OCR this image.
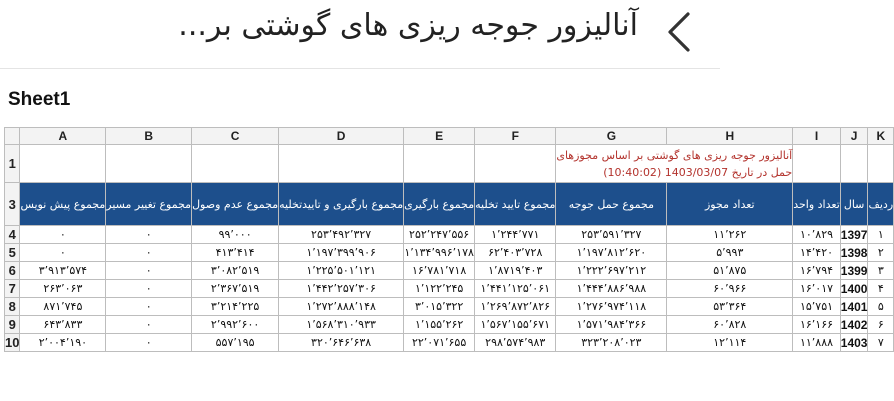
آنالیزور جوجه ریزی های گوشتی بر...
Sheet1
	A	B	C	D	E	F	G	H	I	J	K
1							آنالیزور جوجه ریزی های گوشتی بر اساس مجوزهای
حمل در تاریخ 1403/03/07 (10:40:02)				

3	مجموع پیش نویس	مجموع تغییر مسیر	مجموع عدم وصول	مجموع بارگیری و تاییدتخلیه	مجموع بارگیری	مجموع تایید تخلیه	مجموع حمل جوجه	تعداد مجوز	تعداد واحد	سال	ردیف
4	۰	۰	۹۹٬۰۰۰	۲۵۳٬۴۹۲٬۳۲۷	۲۵۲٬۲۴۷٬۵۵۶	۱٬۲۴۴٬۷۷۱	۲۵۳٬۵۹۱٬۳۲۷	۱۱٬۲۶۲	۱۰٬۸۲۹	1397	۱
5	۰	۰	۴۱۳٬۴۱۴	۱٬۱۹۷٬۳۹۹٬۹۰۶	۱٬۱۳۴٬۹۹۶٬۱۷۸	۶۲٬۴۰۳٬۷۲۸	۱٬۱۹۷٬۸۱۲٬۶۲۰	۵٬۹۹۳	۱۴٬۴۲۰	1398	۲
6	۳٬۹۱۳٬۵۷۴	۰	۳٬۰۸۲٬۵۱۹	۱٬۲۲۵٬۵۰۱٬۱۲۱	۱۶٬۷۸۱٬۷۱۸	۱٬۸۷۱۹٬۴۰۳	۱٬۲۲۲٬۶۹۷٬۲۱۲	۵۱٬۸۷۵	۱۶٬۷۹۴	1399	۳
7	۲۶۳٬۰۶۳	۰	۲٬۳۶۷٬۵۱۹	۱٬۴۴۲٬۲۵۷٬۳۰۶	۱٬۱۲۲٬۲۴۵	۱٬۴۴۱٬۱۲۵٬۰۶۱	۱٬۴۴۴٬۸۸۶٬۹۸۸	۶۰٬۹۶۶	۱۶٬۰۱۷	1400	۴
8	۸۷۱٬۷۴۵	۰	۳٬۲۱۴٬۲۲۵	۱٬۲۷۲٬۸۸۸٬۱۴۸	۳٬۰۱۵٬۳۲۲	۱٬۲۶۹٬۸۷۲٬۸۲۶	۱٬۲۷۶٬۹۷۴٬۱۱۸	۵۳٬۳۶۴	۱۵٬۷۵۱	1401	۵
9	۶۴۳٬۸۳۳	۰	۲٬۹۹۲٬۶۰۰	۱٬۵۶۸٬۳۱۰٬۹۳۳	۱٬۱۵۵٬۲۶۲	۱٬۵۶۷٬۱۵۵٬۶۷۱	۱٬۵۷۱٬۹۸۴٬۳۶۶	۶۰٬۸۲۸	۱۶٬۱۶۶	1402	۶
10	۲٬۰۰۴٬۱۹۰	۰	۵۵۷٬۱۹۵	۳۲۰٬۶۴۶٬۶۳۸	۲۲٬۰۷۱٬۶۵۵	۲۹۸٬۵۷۴٬۹۸۳	۳۲۳٬۲۰۸٬۰۲۳	۱۲٬۱۱۴	۱۱٬۸۸۸	1403	۷
